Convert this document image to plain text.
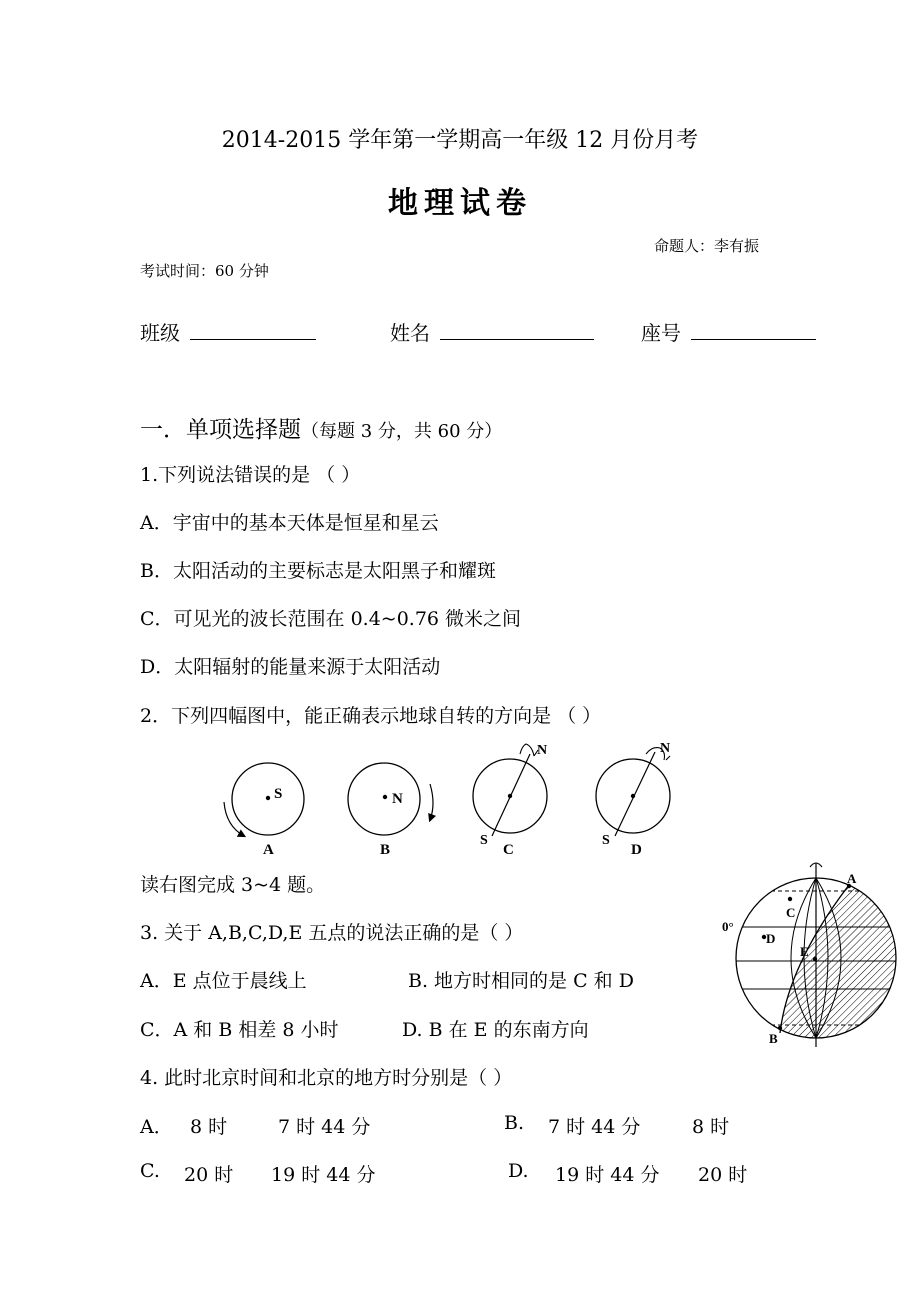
2014-2015 学年第一学期高一年级 12 月份月考
地理试卷
命题人：李有振
考试时间：60 分钟
班级	姓名	座号
一．单项选择题（每题 3 分，共 60 分）
1.下列说法错误的是 （ ）
A．宇宙中的基本天体是恒星和星云
B．太阳活动的主要标志是太阳黑子和耀斑
C．可见光的波长范围在 0.4~0.76 微米之间
D．太阳辐射的能量来源于太阳活动
2．下列四幅图中，能正确表示地球自转的方向是 （ ）
S
A
N
B
N
S
C
N
S
D
读右图完成 3~4 题。
3. 关于 A,B,C,D,E 五点的说法正确的是（ ）
A．E 点位于晨线上	B. 地方时相同的是 C 和 D
C．A 和 B 相差 8 小时	D. B 在 E 的东南方向
A
C
D
E
B
0°
4. 此时北京时间和北京的地方时分别是（ ）
A． 8 时	7 时 44 分	B. 7 时 44 分	8 时
C. 20 时 19 时 44 分	D. 19 时 44 分 20 时
